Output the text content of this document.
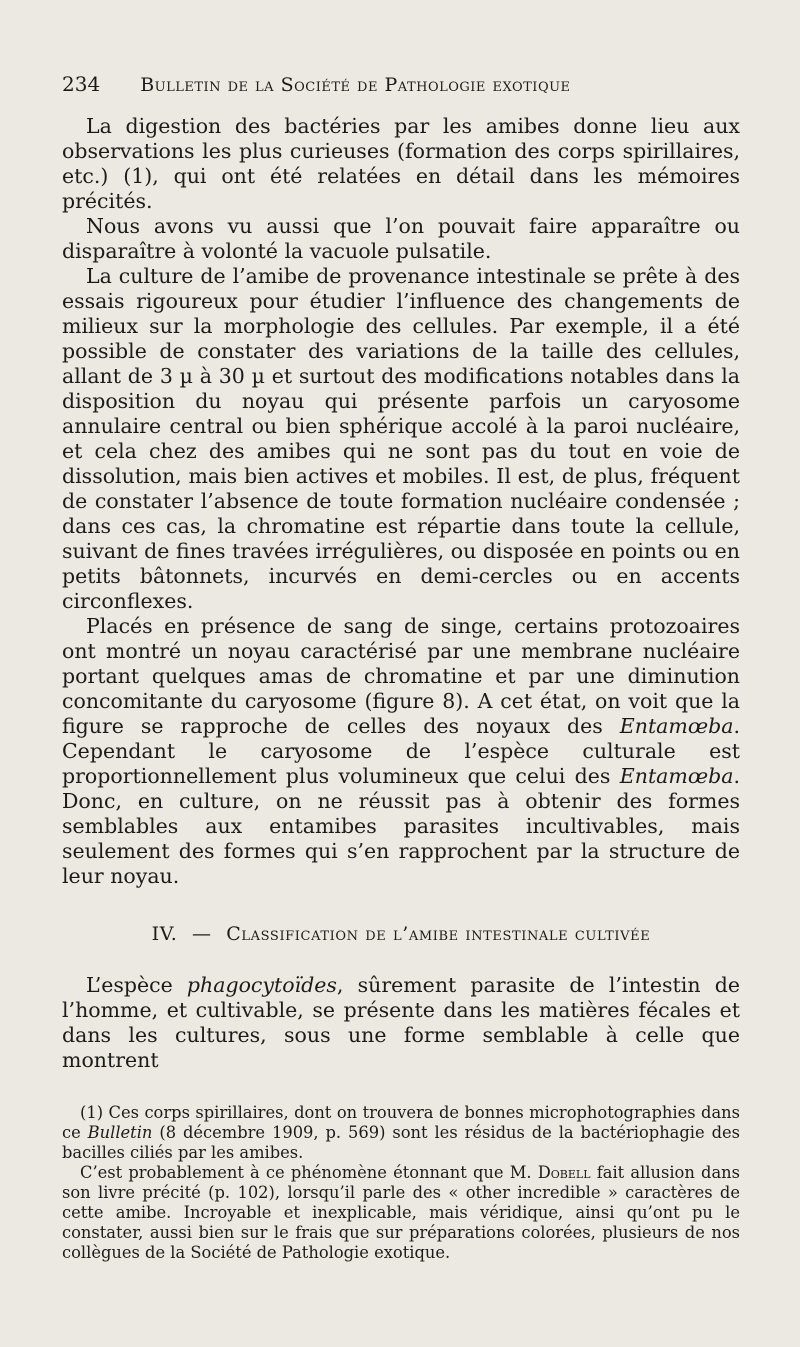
234 Bulletin de la Société de Pathologie exotique

La digestion des bactéries par les amibes donne lieu aux observations les plus curieuses (formation des corps spirillaires, etc.) (1), qui ont été relatées en détail dans les mémoires précités.

Nous avons vu aussi que l’on pouvait faire apparaître ou disparaître à volonté la vacuole pulsatile.

La culture de l’amibe de provenance intestinale se prête à des essais rigoureux pour étudier l’influence des changements de milieux sur la morphologie des cellules. Par exemple, il a été possible de constater des variations de la taille des cellules, allant de 3 µ à 30 µ et surtout des modifications notables dans la disposition du noyau qui présente parfois un caryosome annulaire central ou bien sphérique accolé à la paroi nucléaire, et cela chez des amibes qui ne sont pas du tout en voie de dissolution, mais bien actives et mobiles. Il est, de plus, fréquent de constater l’absence de toute formation nucléaire condensée ; dans ces cas, la chromatine est répartie dans toute la cellule, suivant de fines travées irrégulières, ou disposée en points ou en petits bâtonnets, incurvés en demi-cercles ou en accents circonflexes.

Placés en présence de sang de singe, certains protozoaires ont montré un noyau caractérisé par une membrane nucléaire portant quelques amas de chromatine et par une diminution concomitante du caryosome (figure 8). A cet état, on voit que la figure se rapproche de celles des noyaux des Entamœba. Cependant le caryosome de l’espèce culturale est proportionnellement plus volumineux que celui des Entamœba. Donc, en culture, on ne réussit pas à obtenir des formes semblables aux entamibes parasites incultivables, mais seulement des formes qui s’en rapprochent par la structure de leur noyau.

IV. — Classification de l’amibe intestinale cultivée

L’espèce phagocytoïdes, sûrement parasite de l’intestin de l’homme, et cultivable, se présente dans les matières fécales et dans les cultures, sous une forme semblable à celle que montrent

(1) Ces corps spirillaires, dont on trouvera de bonnes microphotographies dans ce Bulletin (8 décembre 1909, p. 569) sont les résidus de la bactériophagie des bacilles ciliés par les amibes.

C’est probablement à ce phénomène étonnant que M. Dobell fait allusion dans son livre précité (p. 102), lorsqu’il parle des « other incredible » caractères de cette amibe. Incroyable et inexplicable, mais véridique, ainsi qu’ont pu le constater, aussi bien sur le frais que sur préparations colorées, plusieurs de nos collègues de la Société de Pathologie exotique.
